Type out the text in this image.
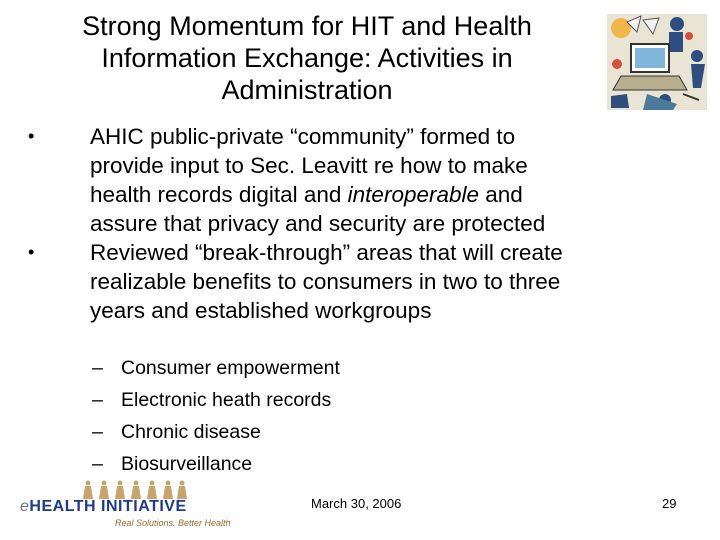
Strong Momentum for HIT and Health
Information Exchange: Activities in
Administration
•	AHIC public-private “community” formed to
provide input to Sec. Leavitt re how to make
health records digital and interoperable and
assure that privacy and security are protected
•	Reviewed “break-through” areas that will create
realizable benefits to consumers in two to three
years and established workgroups
– Consumer empowerment
– Electronic heath records
– Chronic disease
– Biosurveillance
eHEALTH INITIATIVE
Real Solutions. Better Health
March 30, 2006	29
